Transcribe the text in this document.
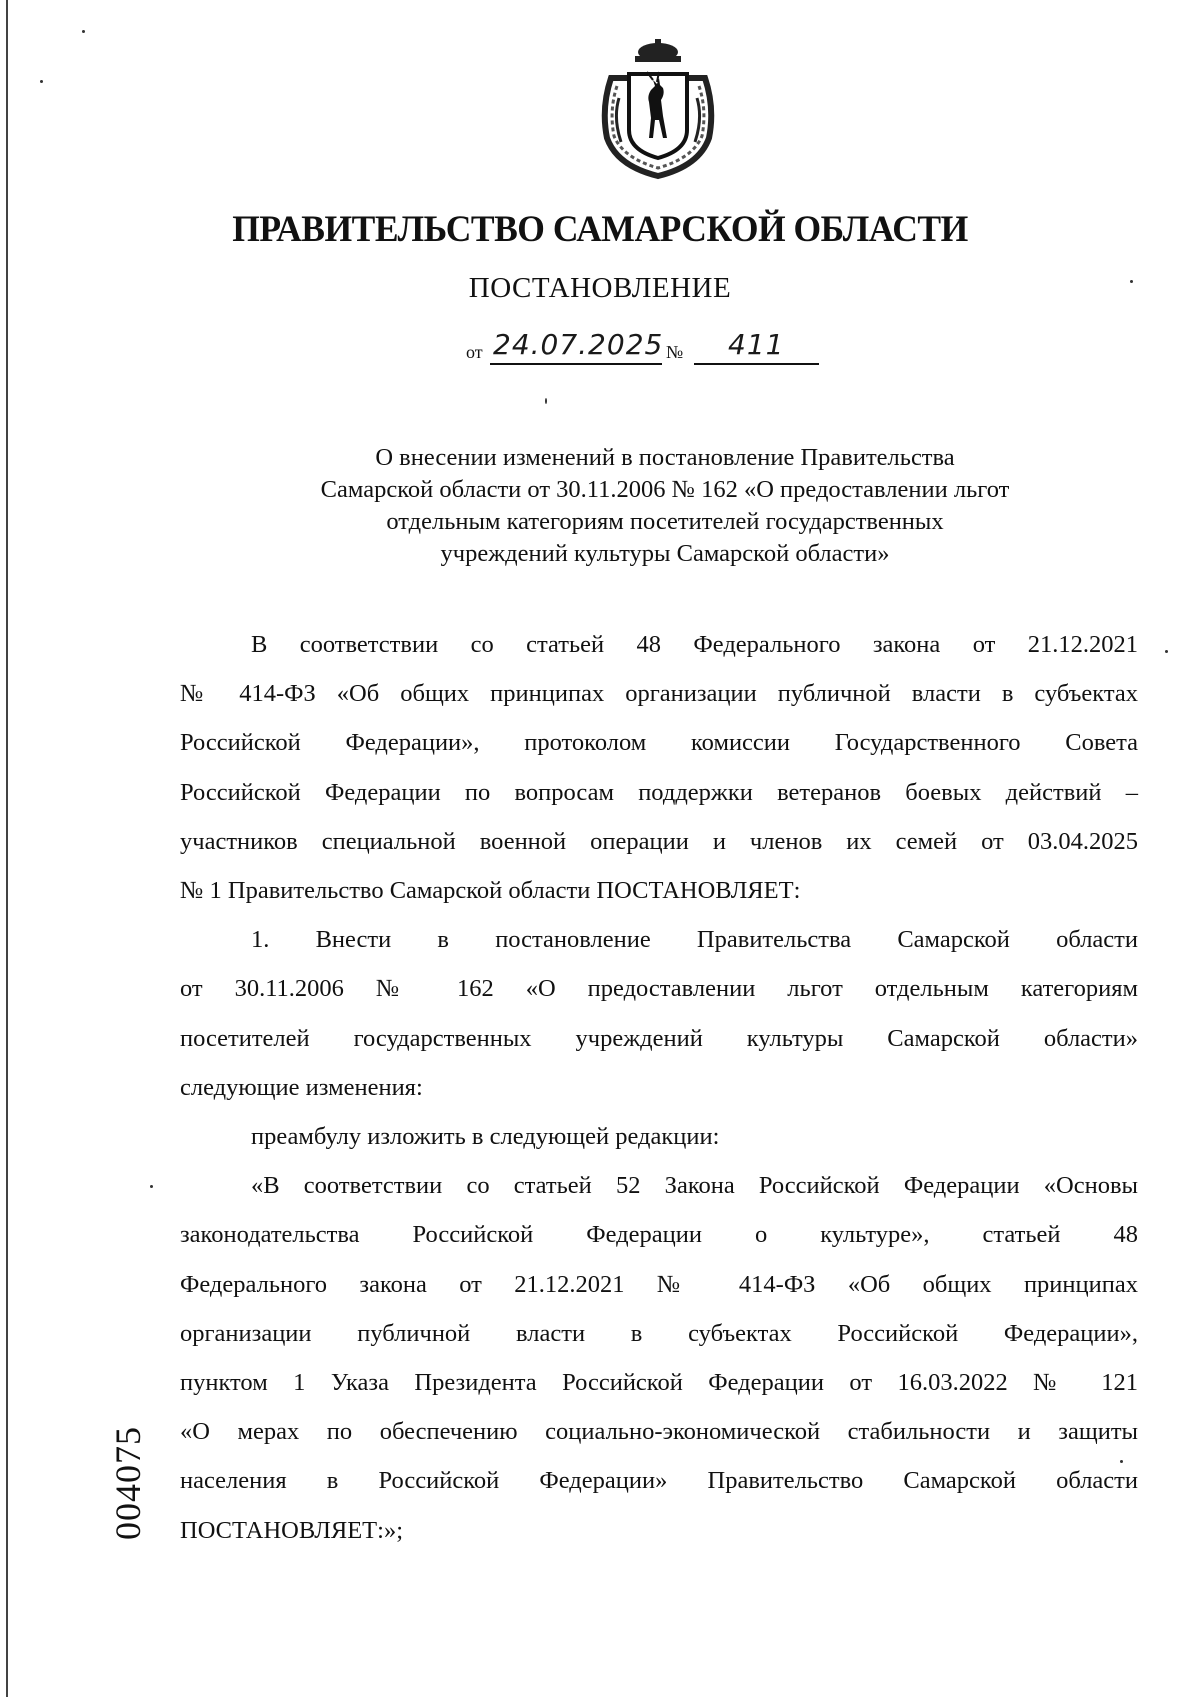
ПРАВИТЕЛЬСТВО САМАРСКОЙ ОБЛАСТИ
ПОСТАНОВЛЕНИЕ
от 24.07.2025 № 411
О внесении изменений в постановление Правительства
Самарской области от 30.11.2006 № 162 «О предоставлении льгот
отдельным категориям посетителей государственных
учреждений культуры Самарской области»
В соответствии со статьей 48 Федерального закона от 21.12.2021
№ 414-ФЗ «Об общих принципах организации публичной власти в субъектах
Российской Федерации», протоколом комиссии Государственного Совета
Российской Федерации по вопросам поддержки ветеранов боевых действий –
участников специальной военной операции и членов их семей от 03.04.2025
№ 1 Правительство Самарской области ПОСТАНОВЛЯЕТ:
1. Внести в постановление Правительства Самарской области
от 30.11.2006 № 162 «О предоставлении льгот отдельным категориям
посетителей государственных учреждений культуры Самарской области»
следующие изменения:
преамбулу изложить в следующей редакции:
«В соответствии со статьей 52 Закона Российской Федерации «Основы
законодательства Российской Федерации о культуре», статьей 48
Федерального закона от 21.12.2021 № 414-ФЗ «Об общих принципах
организации публичной власти в субъектах Российской Федерации»,
пунктом 1 Указа Президента Российской Федерации от 16.03.2022 № 121
«О мерах по обеспечению социально-экономической стабильности и защиты
населения в Российской Федерации» Правительство Самарской области
ПОСТАНОВЛЯЕТ:»;
004075
